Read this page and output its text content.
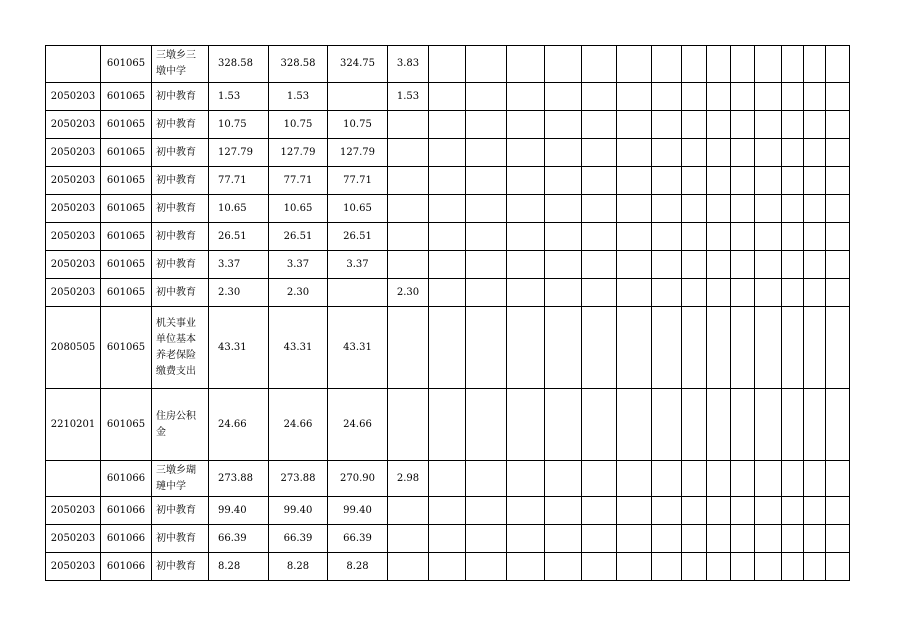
	601065	三墩乡三墩中学	328.58	328.58	324.75	3.83														
2050203	601065	初中教育	1.53	1.53		1.53														
2050203	601065	初中教育	10.75	10.75	10.75															
2050203	601065	初中教育	127.79	127.79	127.79															
2050203	601065	初中教育	77.71	77.71	77.71															
2050203	601065	初中教育	10.65	10.65	10.65															
2050203	601065	初中教育	26.51	26.51	26.51															
2050203	601065	初中教育	3.37	3.37	3.37															
2050203	601065	初中教育	2.30	2.30		2.30														
2080505	601065	机关事业单位基本养老保险缴费支出	43.31	43.31	43.31															
2210201	601065	住房公积金	24.66	24.66	24.66															
	601066	三墩乡瑚璉中学	273.88	273.88	270.90	2.98														
2050203	601066	初中教育	99.40	99.40	99.40															
2050203	601066	初中教育	66.39	66.39	66.39															
2050203	601066	初中教育	8.28	8.28	8.28															
